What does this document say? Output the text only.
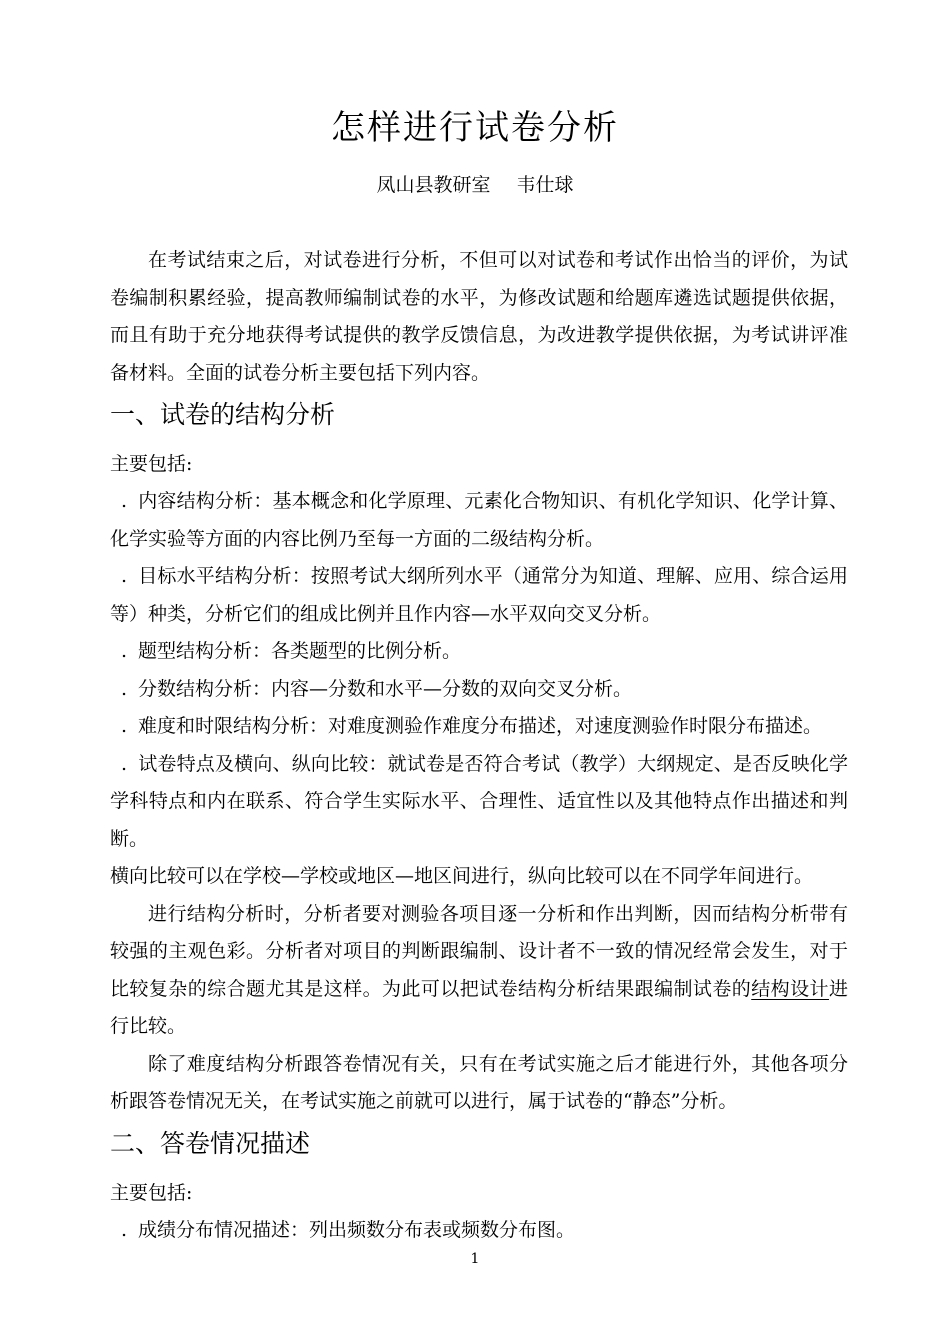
怎样进行试卷分析
凤山县教研室 韦仕球

在考试结束之后，对试卷进行分析，不但可以对试卷和考试作出恰当的评价，为试卷编制积累经验，提高教师编制试卷的水平，为修改试题和给题库遴选试题提供依据，而且有助于充分地获得考试提供的教学反馈信息，为改进教学提供依据，为考试讲评准备材料。全面的试卷分析主要包括下列内容。

一、试卷的结构分析

主要包括:

. 内容结构分析：基本概念和化学原理、元素化合物知识、有机化学知识、化学计算、化学实验等方面的内容比例乃至每一方面的二级结构分析。

. 目标水平结构分析：按照考试大纲所列水平（通常分为知道、理解、应用、综合运用等）种类，分析它们的组成比例并且作内容—水平双向交叉分析。

. 题型结构分析：各类题型的比例分析。

. 分数结构分析：内容—分数和水平—分数的双向交叉分析。

. 难度和时限结构分析：对难度测验作难度分布描述，对速度测验作时限分布描述。

. 试卷特点及横向、纵向比较：就试卷是否符合考试（教学）大纲规定、是否反映化学学科特点和内在联系、符合学生实际水平、合理性、适宜性以及其他特点作出描述和判断。

横向比较可以在学校—学校或地区—地区间进行，纵向比较可以在不同学年间进行。

进行结构分析时，分析者要对测验各项目逐一分析和作出判断，因而结构分析带有较强的主观色彩。分析者对项目的判断跟编制、设计者不一致的情况经常会发生，对于比较复杂的综合题尤其是这样。为此可以把试卷结构分析结果跟编制试卷的结构设计进行比较。

除了难度结构分析跟答卷情况有关，只有在考试实施之后才能进行外，其他各项分析跟答卷情况无关，在考试实施之前就可以进行，属于试卷的“静态”分析。

二、答卷情况描述

主要包括:

. 成绩分布情况描述：列出频数分布表或频数分布图。

1
